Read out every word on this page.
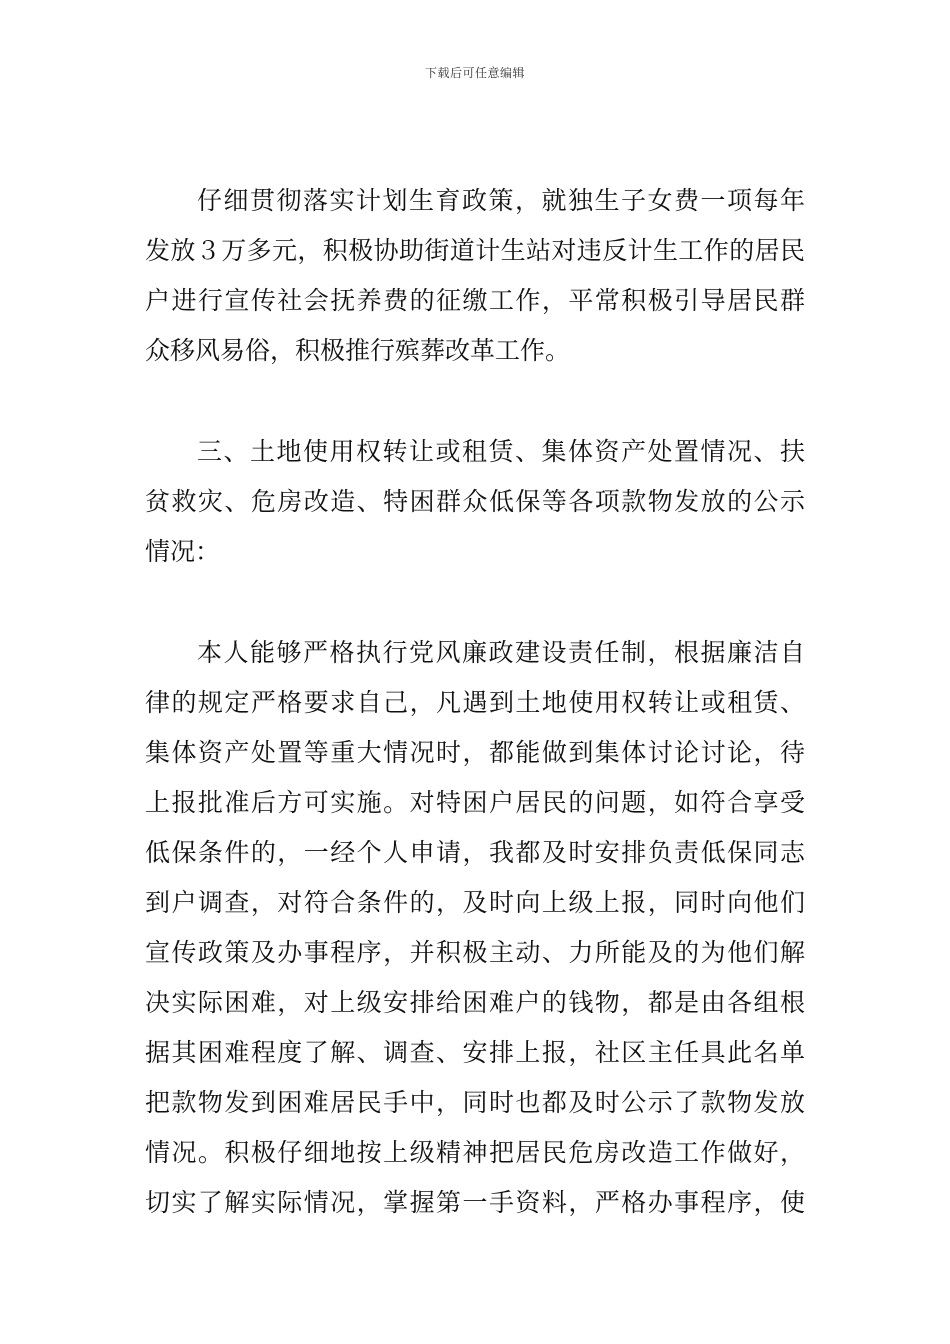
下载后可任意编辑
仔细贯彻落实计划生育政策，就独生子女费一项每年
发放３万多元，积极协助街道计生站对违反计生工作的居民
户进行宣传社会抚养费的征缴工作，平常积极引导居民群
众移风易俗，积极推行殡葬改革工作。
三、土地使用权转让或租赁、集体资产处置情况、扶
贫救灾、危房改造、特困群众低保等各项款物发放的公示
情况：
本人能够严格执行党风廉政建设责任制，根据廉洁自
律的规定严格要求自己，凡遇到土地使用权转让或租赁、
集体资产处置等重大情况时，都能做到集体讨论讨论，待
上报批准后方可实施。对特困户居民的问题，如符合享受
低保条件的，一经个人申请，我都及时安排负责低保同志
到户调查，对符合条件的，及时向上级上报，同时向他们
宣传政策及办事程序，并积极主动、力所能及的为他们解
决实际困难，对上级安排给困难户的钱物，都是由各组根
据其困难程度了解、调查、安排上报，社区主任具此名单
把款物发到困难居民手中，同时也都及时公示了款物发放
情况。积极仔细地按上级精神把居民危房改造工作做好，
切实了解实际情况，掌握第一手资料，严格办事程序，使
